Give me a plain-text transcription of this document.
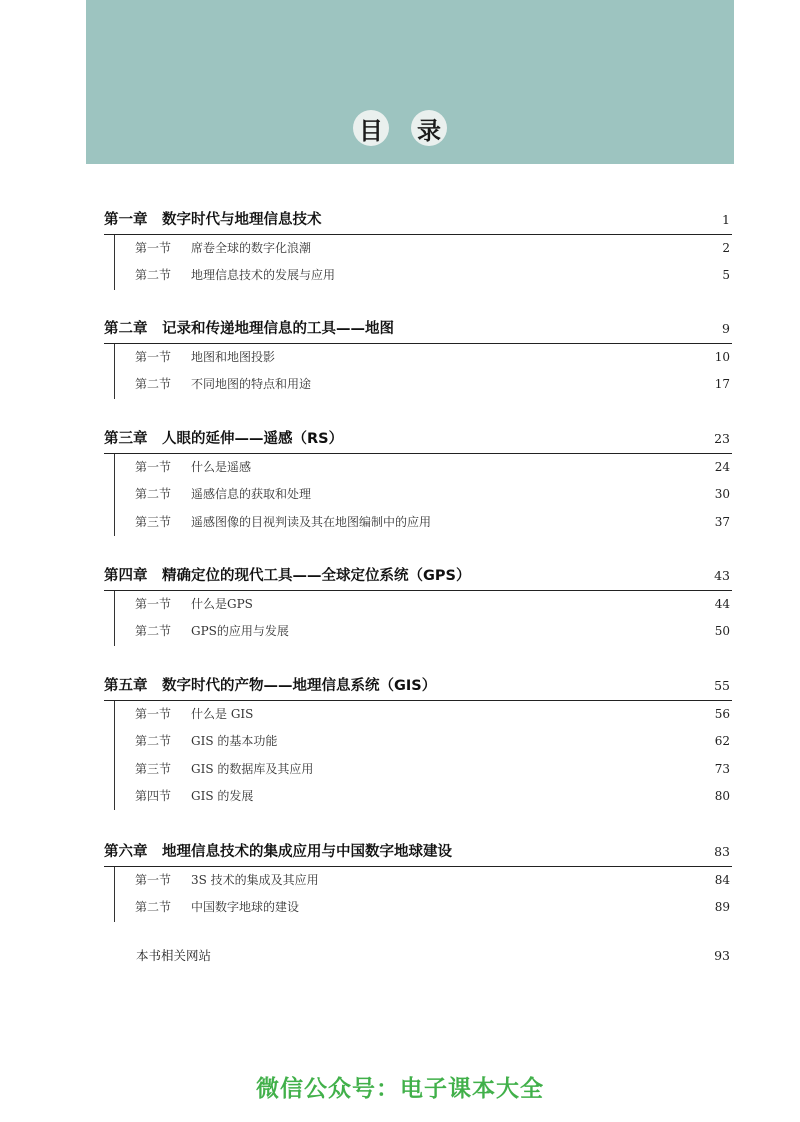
目 录
第一章　数字时代与地理信息技术	1
第一节 席卷全球的数字化浪潮	2
第二节 地理信息技术的发展与应用	5
第二章　记录和传递地理信息的工具——地图	9
第一节 地图和地图投影	10
第二节 不同地图的特点和用途	17
第三章　人眼的延伸——遥感（RS）	23
第一节 什么是遥感	24
第二节 遥感信息的获取和处理	30
第三节 遥感图像的目视判读及其在地图编制中的应用	37
第四章　精确定位的现代工具——全球定位系统（GPS）	43
第一节 什么是GPS	44
第二节 GPS的应用与发展	50
第五章　数字时代的产物——地理信息系统（GIS）	55
第一节 什么是 GIS	56
第二节 GIS 的基本功能	62
第三节 GIS 的数据库及其应用	73
第四节 GIS 的发展	80
第六章　地理信息技术的集成应用与中国数字地球建设	83
第一节 3S 技术的集成及其应用	84
第二节 中国数字地球的建设	89
本书相关网站	93
微信公众号：电子课本大全
